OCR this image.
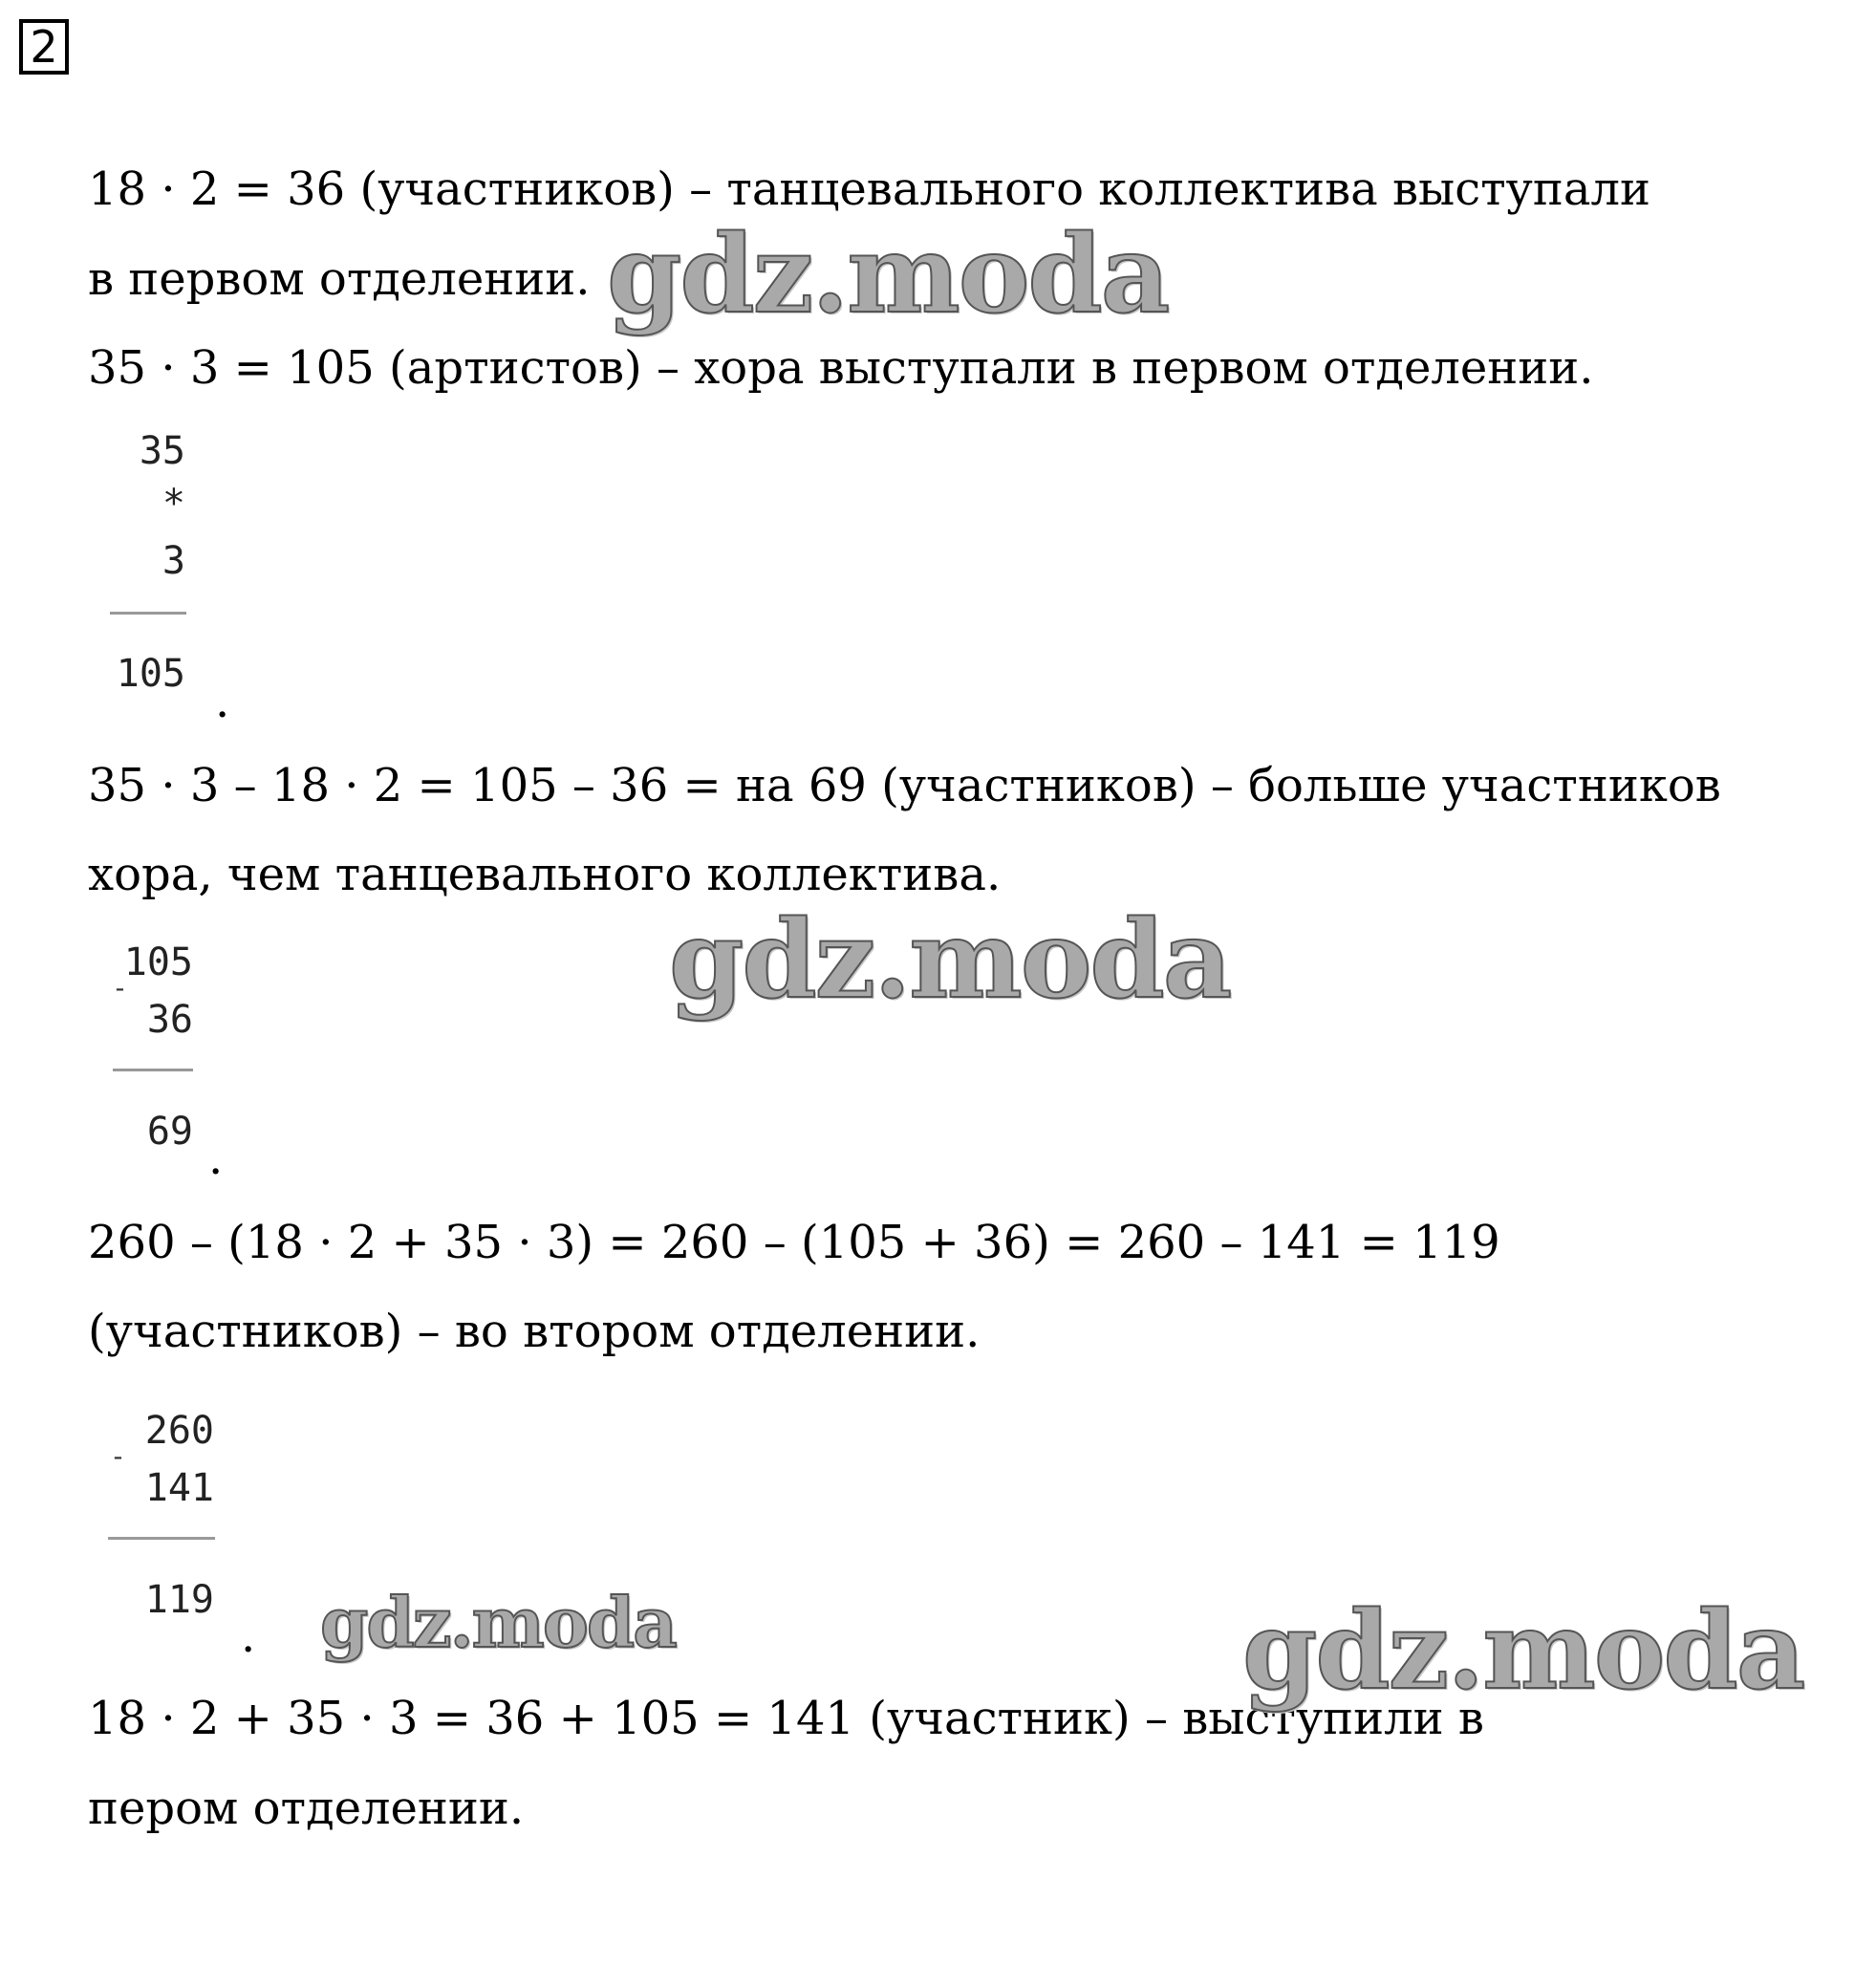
2
18 · 2 = 36 (участников) – танцевального коллектива выступали
в первом отделении.
35 · 3 = 105 (артистов) – хора выступали в первом отделении.
35
*
3
105
.
35 · 3 – 18 · 2 = 105 – 36 = на 69 (участников) – больше участников
хора, чем танцевального коллектива.
105
-
36
69 .
260 – (18 · 2 + 35 · 3) = 260 – (105 + 36) = 260 – 141 = 119
(участников) – во втором отделении.
260
-
141
119
.
18 · 2 + 35 · 3 = 36 + 105 = 141 (участник) – выступили в
пером отделении.
gdz.moda
gdz.moda
gdz.moda	gdz.moda
